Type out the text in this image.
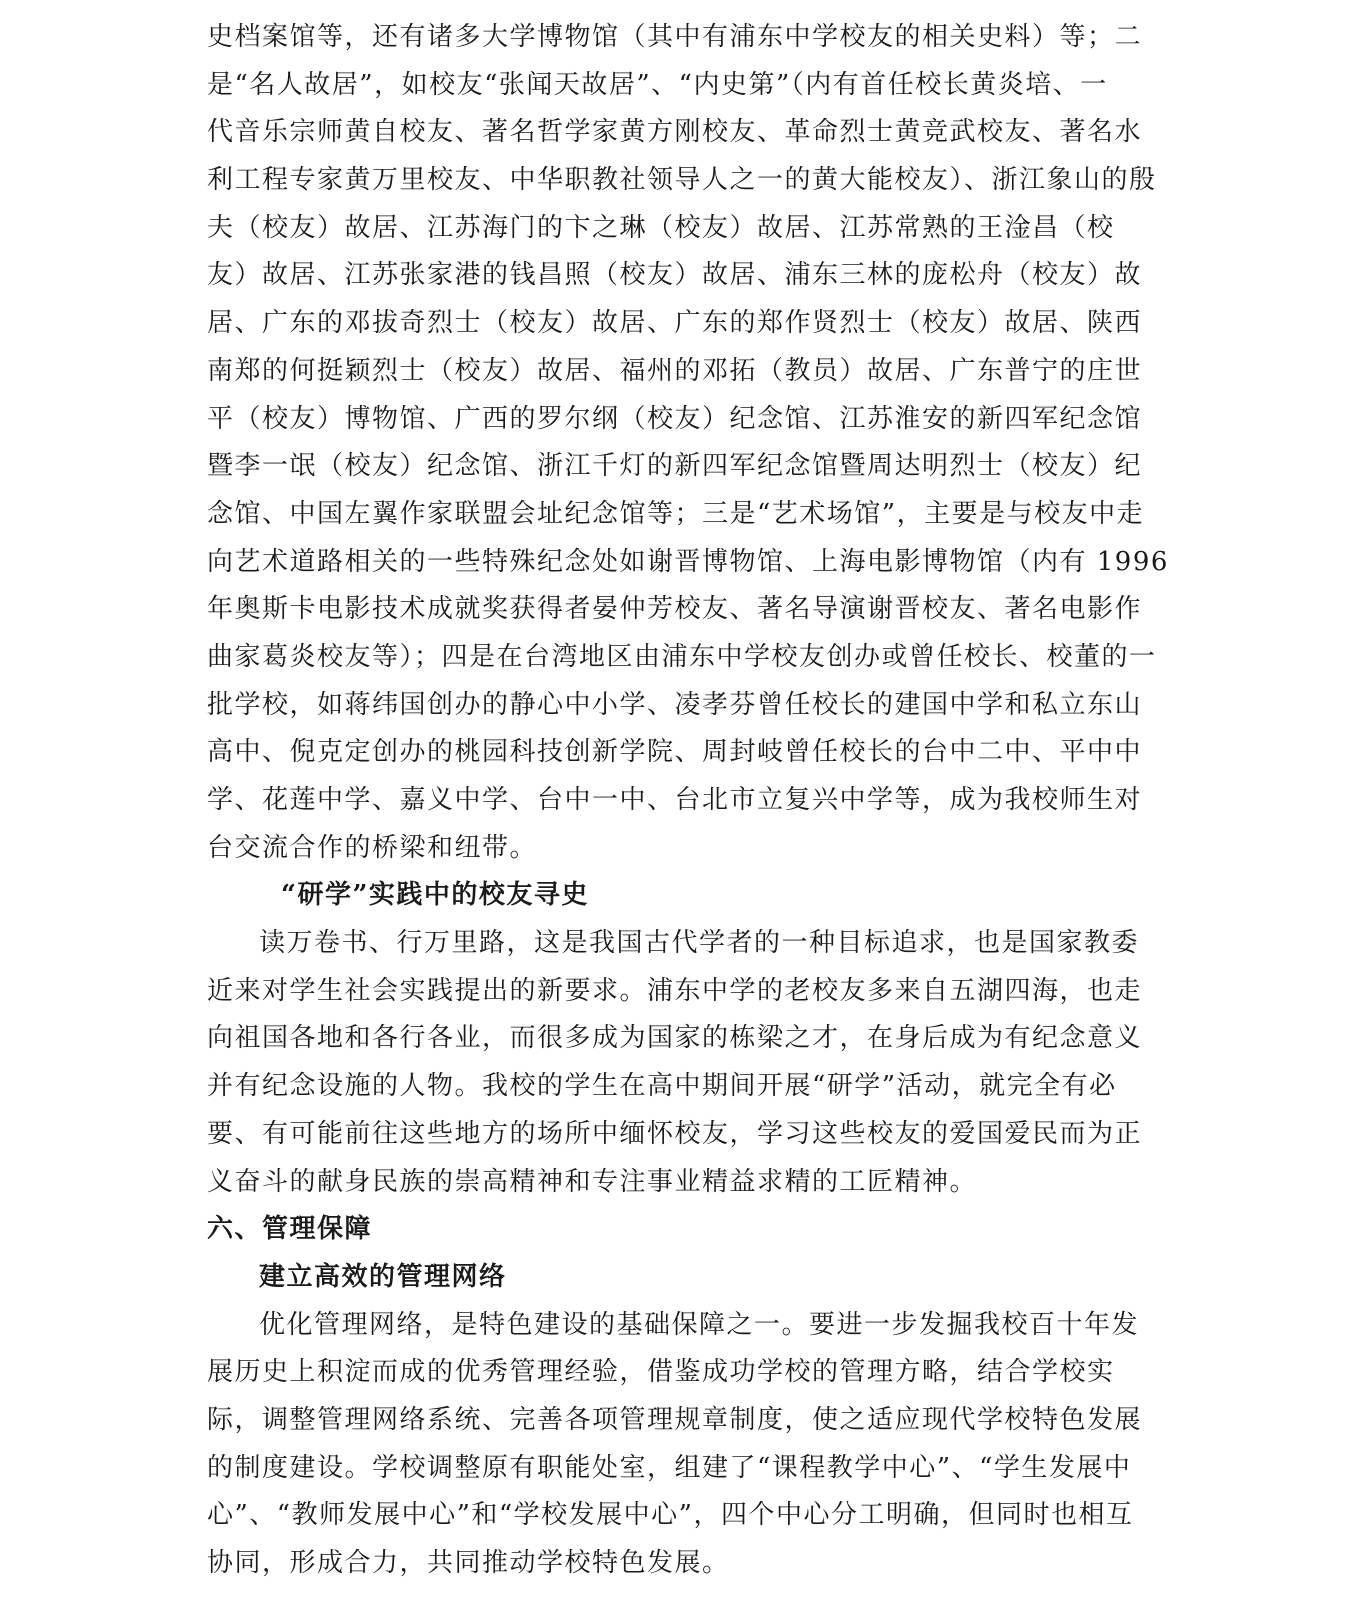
史档案馆等，还有诸多大学博物馆（其中有浦东中学校友的相关史料）等；二
是“名人故居”，如校友“张闻天故居”、“内史第”（内有首任校长黄炎培、一
代音乐宗师黄自校友、著名哲学家黄方刚校友、革命烈士黄竞武校友、著名水
利工程专家黄万里校友、中华职教社领导人之一的黄大能校友）、浙江象山的殷
夫（校友）故居、江苏海门的卞之琳（校友）故居、江苏常熟的王淦昌（校
友）故居、江苏张家港的钱昌照（校友）故居、浦东三林的庞松舟（校友）故
居、广东的邓拔奇烈士（校友）故居、广东的郑作贤烈士（校友）故居、陕西
南郑的何挺颖烈士（校友）故居、福州的邓拓（教员）故居、广东普宁的庄世
平（校友）博物馆、广西的罗尔纲（校友）纪念馆、江苏淮安的新四军纪念馆
暨李一氓（校友）纪念馆、浙江千灯的新四军纪念馆暨周达明烈士（校友）纪
念馆、中国左翼作家联盟会址纪念馆等；三是“艺术场馆”，主要是与校友中走
向艺术道路相关的一些特殊纪念处如谢晋博物馆、上海电影博物馆（内有 1996
年奥斯卡电影技术成就奖获得者晏仲芳校友、著名导演谢晋校友、著名电影作
曲家葛炎校友等）；四是在台湾地区由浦东中学校友创办或曾任校长、校董的一
批学校，如蒋纬国创办的静心中小学、凌孝芬曾任校长的建国中学和私立东山
高中、倪克定创办的桃园科技创新学院、周封岐曾任校长的台中二中、平中中
学、花莲中学、嘉义中学、台中一中、台北市立复兴中学等，成为我校师生对
台交流合作的桥梁和纽带。
“研学”实践中的校友寻史
读万卷书、行万里路，这是我国古代学者的一种目标追求，也是国家教委
近来对学生社会实践提出的新要求。浦东中学的老校友多来自五湖四海，也走
向祖国各地和各行各业，而很多成为国家的栋梁之才，在身后成为有纪念意义
并有纪念设施的人物。我校的学生在高中期间开展“研学”活动，就完全有必
要、有可能前往这些地方的场所中缅怀校友，学习这些校友的爱国爱民而为正
义奋斗的献身民族的崇高精神和专注事业精益求精的工匠精神。
六、管理保障
建立高效的管理网络
优化管理网络，是特色建设的基础保障之一。要进一步发掘我校百十年发
展历史上积淀而成的优秀管理经验，借鉴成功学校的管理方略，结合学校实
际，调整管理网络系统、完善各项管理规章制度，使之适应现代学校特色发展
的制度建设。学校调整原有职能处室，组建了“课程教学中心”、“学生发展中
心”、“教师发展中心”和“学校发展中心”，四个中心分工明确，但同时也相互
协同，形成合力，共同推动学校特色发展。
